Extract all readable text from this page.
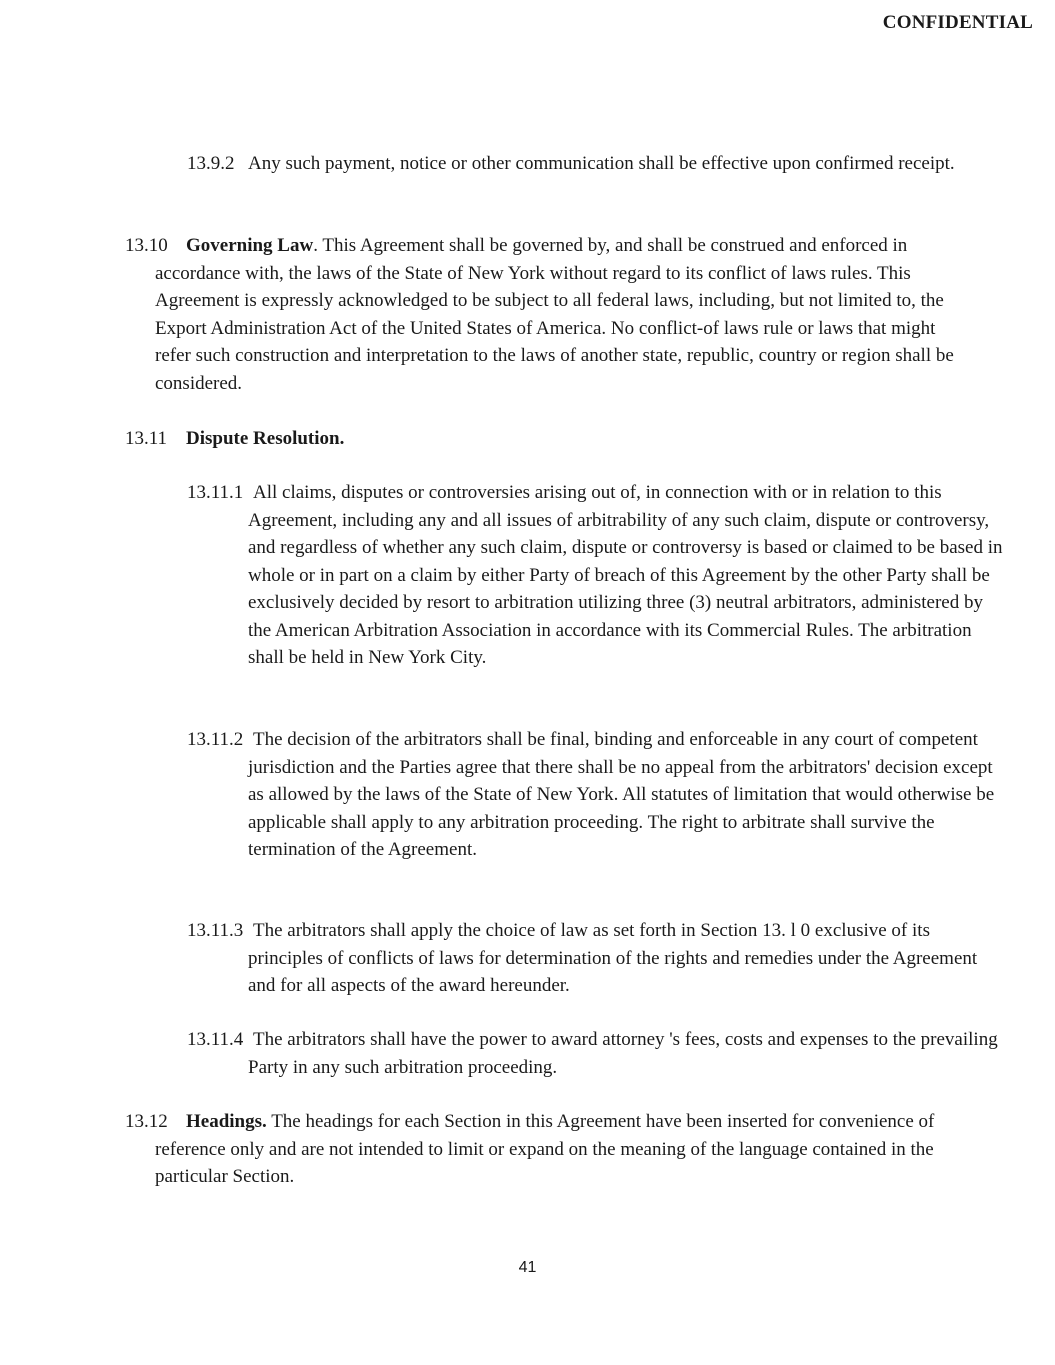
CONFIDENTIAL
13.9.2 Any such payment, notice or other communication shall be effective upon confirmed receipt.
13.10 Governing Law. This Agreement shall be governed by, and shall be construed and enforced in accordance with, the laws of the State of New York without regard to its conflict of laws rules. This Agreement is expressly acknowledged to be subject to all federal laws, including, but not limited to, the Export Administration Act of the United States of America. No conflict-of laws rule or laws that might refer such construction and interpretation to the laws of another state, republic, country or region shall be considered.
13.11 Dispute Resolution.
13.11.1 All claims, disputes or controversies arising out of, in connection with or in relation to this Agreement, including any and all issues of arbitrability of any such claim, dispute or controversy, and regardless of whether any such claim, dispute or controversy is based or claimed to be based in whole or in part on a claim by either Party of breach of this Agreement by the other Party shall be exclusively decided by resort to arbitration utilizing three (3) neutral arbitrators, administered by the American Arbitration Association in accordance with its Commercial Rules. The arbitration shall be held in New York City.
13.11.2 The decision of the arbitrators shall be final, binding and enforceable in any court of competent jurisdiction and the Parties agree that there shall be no appeal from the arbitrators' decision except as allowed by the laws of the State of New York. All statutes of limitation that would otherwise be applicable shall apply to any arbitration proceeding. The right to arbitrate shall survive the termination of the Agreement.
13.11.3 The arbitrators shall apply the choice of law as set forth in Section 13. l 0 exclusive of its principles of conflicts of laws for determination of the rights and remedies under the Agreement and for all aspects of the award hereunder.
13.11.4 The arbitrators shall have the power to award attorney 's fees, costs and expenses to the prevailing Party in any such arbitration proceeding.
13.12 Headings. The headings for each Section in this Agreement have been inserted for convenience of reference only and are not intended to limit or expand on the meaning of the language contained in the particular Section.
41
